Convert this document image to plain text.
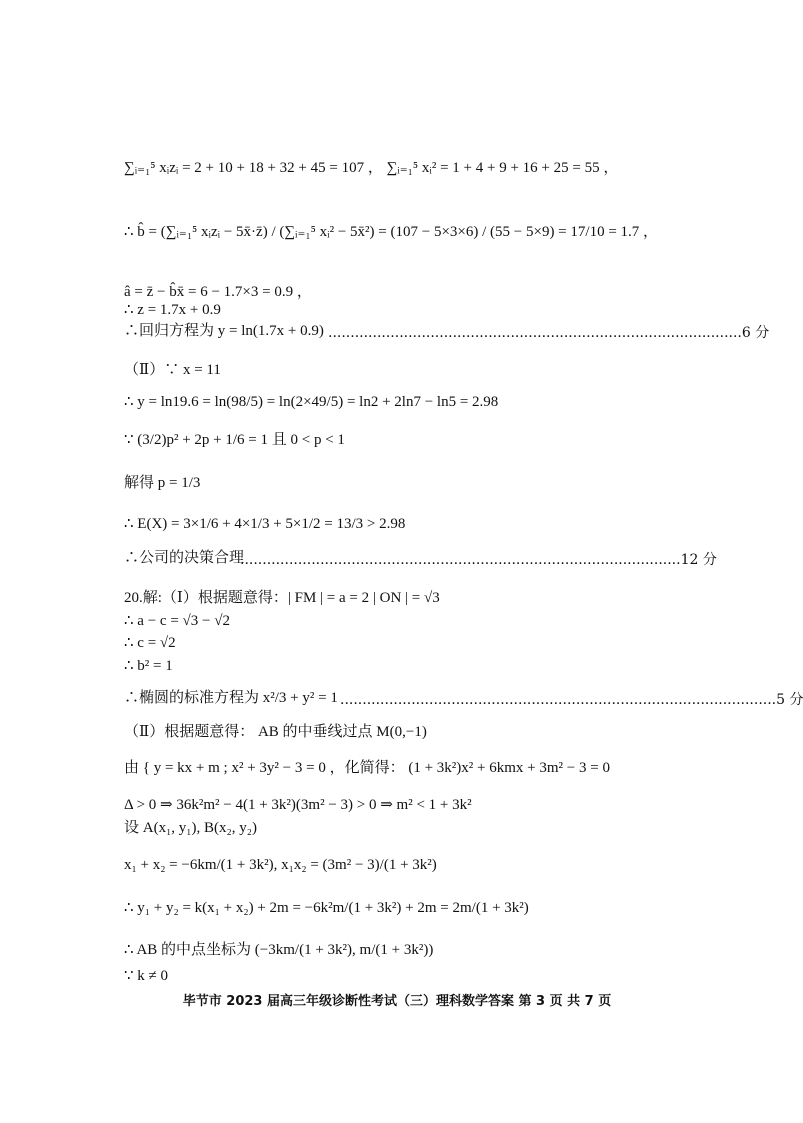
∑ᵢ₌₁⁵ xᵢzᵢ = 2 + 10 + 18 + 32 + 45 = 107 ， ∑ᵢ₌₁⁵ xᵢ² = 1 + 4 + 9 + 16 + 25 = 55 ，
∴ b̂ = (∑ᵢ₌₁⁵ xᵢzᵢ − 5x̄·z̄) / (∑ᵢ₌₁⁵ xᵢ² − 5x̄²) = (107 − 5×3×6) / (55 − 5×9) = 17/10 = 1.7 ，
â = z̄ − b̂x̄ = 6 − 1.7×3 = 0.9 ，
∴ z = 1.7x + 0.9
∴回归方程为 y = ln(1.7x + 0.9) .............................................................................................6 分
（Ⅱ）∵ x = 11
∴ y = ln19.6 = ln(98/5) = ln(2×49/5) = ln2 + 2ln7 − ln5 = 2.98
∵ (3/2)p² + 2p + 1/6 = 1 且 0 < p < 1
解得 p = 1/3
∴ E(X) = 3×1/6 + 4×1/3 + 5×1/2 = 13/3 > 2.98
∴公司的决策合理
...................................................................................................12 分
20.解:（Ⅰ）根据题意得：| FM | = a = 2 | ON | = √3
∴ a − c = √3 − √2
∴ c = √2
∴ b² = 1
∴椭圆的标准方程为 x²/3 + y² = 1 ..................................................................................................5 分
（Ⅱ）根据题意得： AB 的中垂线过点 M(0,−1)
由 { y = kx + m ; x² + 3y² − 3 = 0 ，化简得： (1 + 3k²)x² + 6kmx + 3m² − 3 = 0
Δ > 0 ⇒ 36k²m² − 4(1 + 3k²)(3m² − 3) > 0 ⇒ m² < 1 + 3k²
设 A(x₁, y₁), B(x₂, y₂)
x₁ + x₂ = −6km/(1 + 3k²), x₁x₂ = (3m² − 3)/(1 + 3k²)
∴ y₁ + y₂ = k(x₁ + x₂) + 2m = −6k²m/(1 + 3k²) + 2m = 2m/(1 + 3k²)
∴ AB 的中点坐标为 (−3km/(1 + 3k²), m/(1 + 3k²))
∵ k ≠ 0
毕节市 2023 届高三年级诊断性考试（三）理科数学答案 第 3 页 共 7 页
